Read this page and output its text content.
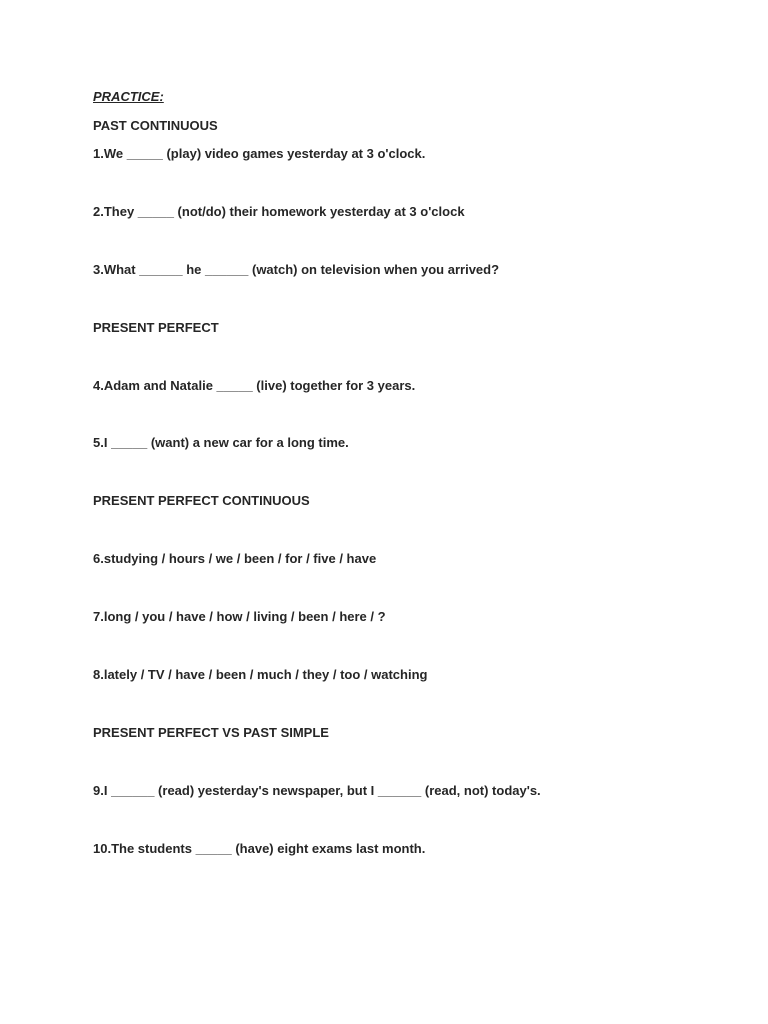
PRACTICE:
PAST CONTINUOUS
1.We _____ (play) video games yesterday at 3 o'clock.
2.They _____ (not/do) their homework yesterday at 3 o'clock
3.What ______ he ______ (watch) on television when you arrived?
PRESENT PERFECT
4.Adam and Natalie _____ (live) together for 3 years.
5.I _____ (want) a new car for a long time.
PRESENT PERFECT CONTINUOUS
6.studying / hours / we / been / for / five / have
7.long / you / have / how / living / been / here / ?
8.lately / TV / have / been / much / they / too / watching
PRESENT PERFECT VS PAST SIMPLE
9.I ______ (read) yesterday's newspaper, but I ______ (read, not) today's.
10.The students _____ (have) eight exams last month.
